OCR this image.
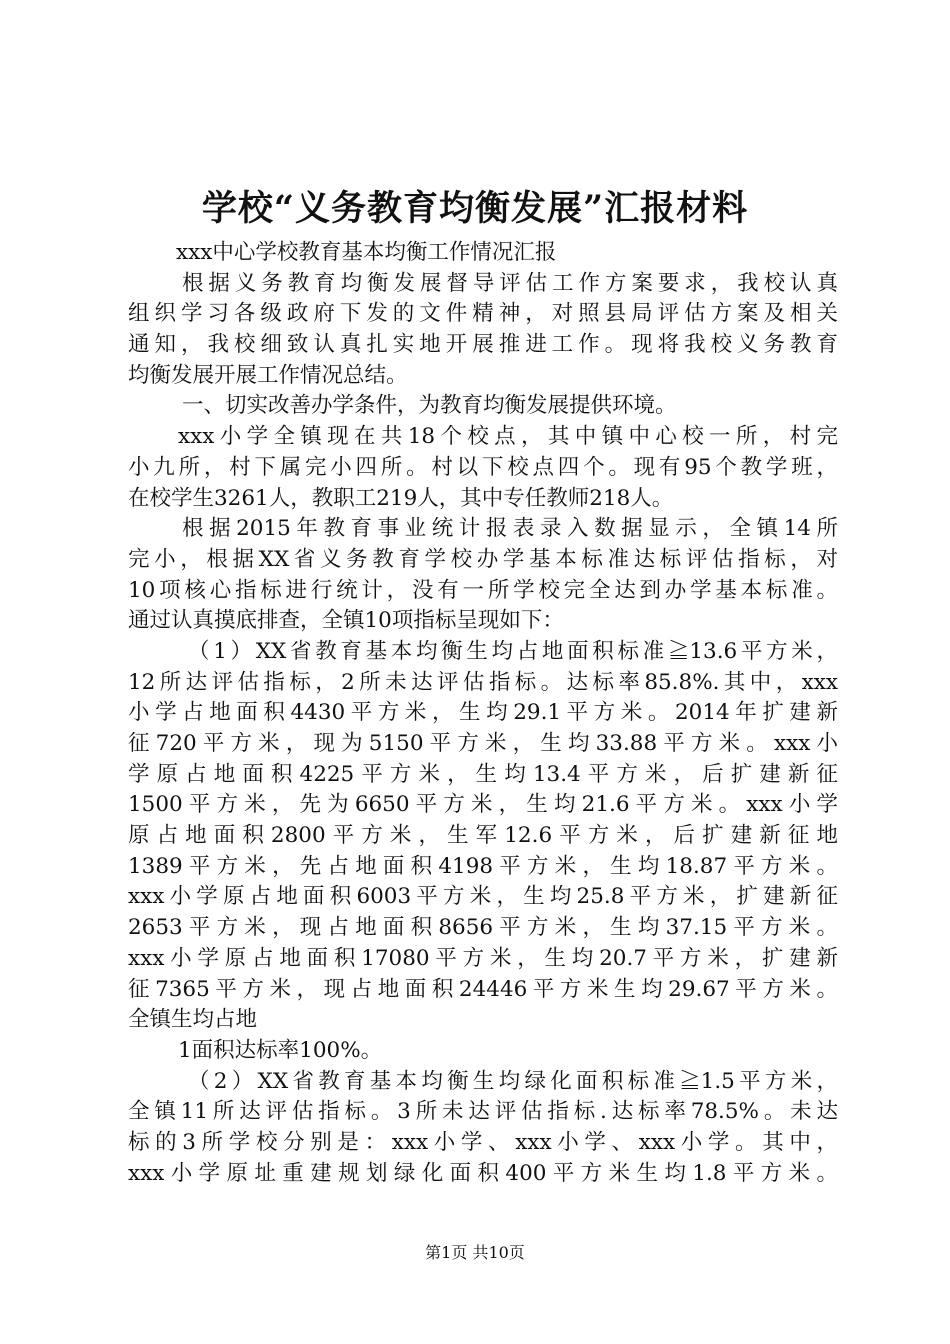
学校“义务教育均衡发展”汇报材料
xxx中心学校教育基本均衡工作情况汇报
根据义务教育均衡发展督导评估工作方案要求，我校认真
组织学习各级政府下发的文件精神，对照县局评估方案及相关
通知，我校细致认真扎实地开展推进工作。现将我校义务教育
均衡发展开展工作情况总结。
一、切实改善办学条件，为教育均衡发展提供环境。
xxx小学全镇现在共18个校点，其中镇中心校一所，村完
小九所，村下属完小四所。村以下校点四个。现有95个教学班，
在校学生3261人，教职工219人，其中专任教师218人。
根据2015年教育事业统计报表录入数据显示，全镇14所
完小，根据XX省义务教育学校办学基本标准达标评估指标，对
10项核心指标进行统计，没有一所学校完全达到办学基本标准。
通过认真摸底排查，全镇10项指标呈现如下：
（1）XX省教育基本均衡生均占地面积标准≧13.6平方米，
12所达评估指标，2所未达评估指标。达标率85.8%.其中，xxx
小学占地面积4430平方米，生均29.1平方米。2014年扩建新
征720平方米，现为5150平方米，生均33.88平方米。xxx小
学原占地面积4225平方米，生均13.4平方米，后扩建新征
1500平方米，先为6650平方米，生均21.6平方米。xxx小学
原占地面积2800平方米，生军12.6平方米，后扩建新征地
1389平方米，先占地面积4198平方米，生均18.87平方米。
xxx小学原占地面积6003平方米，生均25.8平方米，扩建新征
2653平方米，现占地面积8656平方米，生均37.15平方米。
xxx小学原占地面积17080平方米，生均20.7平方米，扩建新
征7365平方米，现占地面积24446平方米生均29.67平方米。
全镇生均占地
1面积达标率100%。
（2）XX省教育基本均衡生均绿化面积标准≧1.5平方米，
全镇11所达评估指标。3所未达评估指标.达标率78.5%。未达
标的3所学校分别是：xxx小学、xxx小学、xxx小学。其中，
xxx小学原址重建规划绿化面积400平方米生均1.8平方米。
第1页 共10页
